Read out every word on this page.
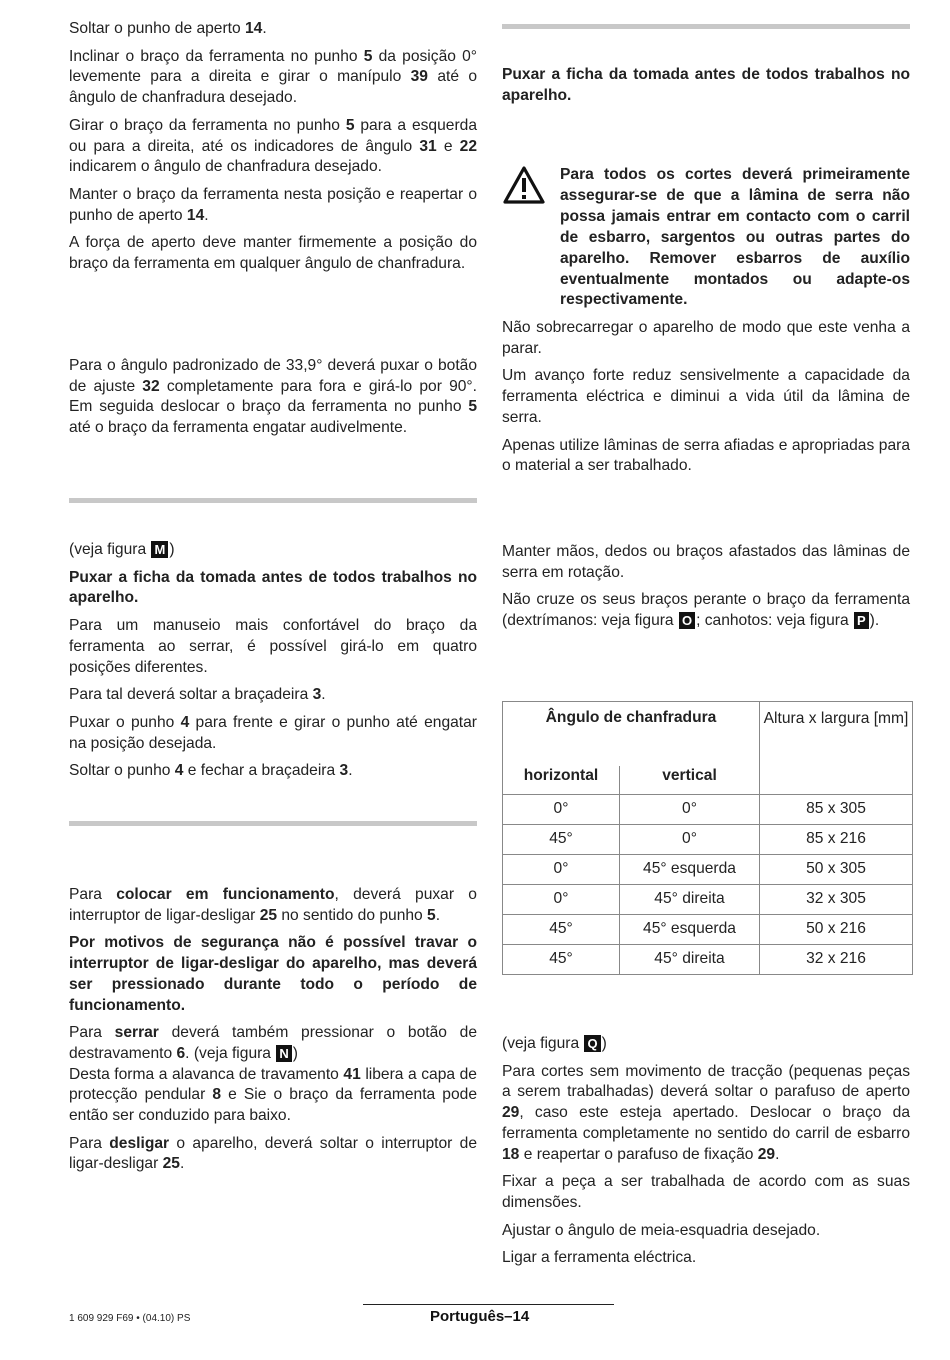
Soltar o punho de aperto 14.

Inclinar o braço da ferramenta no punho 5 da posição 0° levemente para a direita e girar o manípulo 39 até o ângulo de chanfradura desejado.

Girar o braço da ferramenta no punho 5 para a esquerda ou para a direita, até os indicadores de ângulo 31 e 22 indicarem o ângulo de chanfradura desejado.

Manter o braço da ferramenta nesta posição e reapertar o punho de aperto 14.

A força de aperto deve manter firmemente a posição do braço da ferramenta em qualquer ângulo de chanfradura.

Para o ângulo padronizado de 33,9° deverá puxar o botão de ajuste 32 completamente para fora e girá-lo por 90°. Em seguida deslocar o braço da ferramenta no punho 5 até o braço da ferramenta engatar audivelmente.

(veja figura M )

Puxar a ficha da tomada antes de todos trabalhos no aparelho.

Para um manuseio mais confortável do braço da ferramenta ao serrar, é possível girá-lo em quatro posições diferentes.

Para tal deverá soltar a braçadeira 3.

Puxar o punho 4 para frente e girar o punho até engatar na posição desejada.

Soltar o punho 4 e fechar a braçadeira 3.

Para colocar em funcionamento, deverá puxar o interruptor de ligar-desligar 25 no sentido do punho 5.

Por motivos de segurança não é possível travar o interruptor de ligar-desligar do aparelho, mas deverá ser pressionado durante todo o período de funcionamento.

Para serrar deverá também pressionar o botão de destravamento 6. (veja figura N )
Desta forma a alavanca de travamento 41 libera a capa de protecção pendular 8 e Sie o braço da ferramenta pode então ser conduzido para baixo.

Para desligar o aparelho, deverá soltar o interruptor de ligar-desligar 25.

Puxar a ficha da tomada antes de todos trabalhos no aparelho.

Para todos os cortes deverá primeiramente assegurar-se de que a lâmina de serra não possa jamais entrar em contacto com o carril de esbarro, sargentos ou outras partes do aparelho. Remover esbarros de auxílio eventualmente montados ou adapte-os respectivamente.

Não sobrecarregar o aparelho de modo que este venha a parar.

Um avanço forte reduz sensivelmente a capacidade da ferramenta eléctrica e diminui a vida útil da lâmina de serra.

Apenas utilize lâminas de serra afiadas e apropriadas para o material a ser trabalhado.

Manter mãos, dedos ou braços afastados das lâminas de serra em rotação.

Não cruze os seus braços perante o braço da ferramenta (dextrímanos: veja figura O ; canhotos: veja figura P ).

Ângulo de chanfradura		Altura x largura [mm]
horizontal	vertical	
0°	0°	85 x 305
45°	0°	85 x 216
0°	45° esquerda	50 x 305
0°	45° direita	32 x 305
45°	45° esquerda	50 x 216
45°	45° direita	32 x 216

(veja figura Q )

Para cortes sem movimento de tracção (pequenas peças a serem trabalhadas) deverá soltar o parafuso de aperto 29, caso este esteja apertado. Deslocar o braço da ferramenta completamente no sentido do carril de esbarro 18 e reapertar o parafuso de fixação 29.

Fixar a peça a ser trabalhada de acordo com as suas dimensões.

Ajustar o ângulo de meia-esquadria desejado.

Ligar a ferramenta eléctrica.

1 609 929 F69 • (04.10) PS	Português–14
